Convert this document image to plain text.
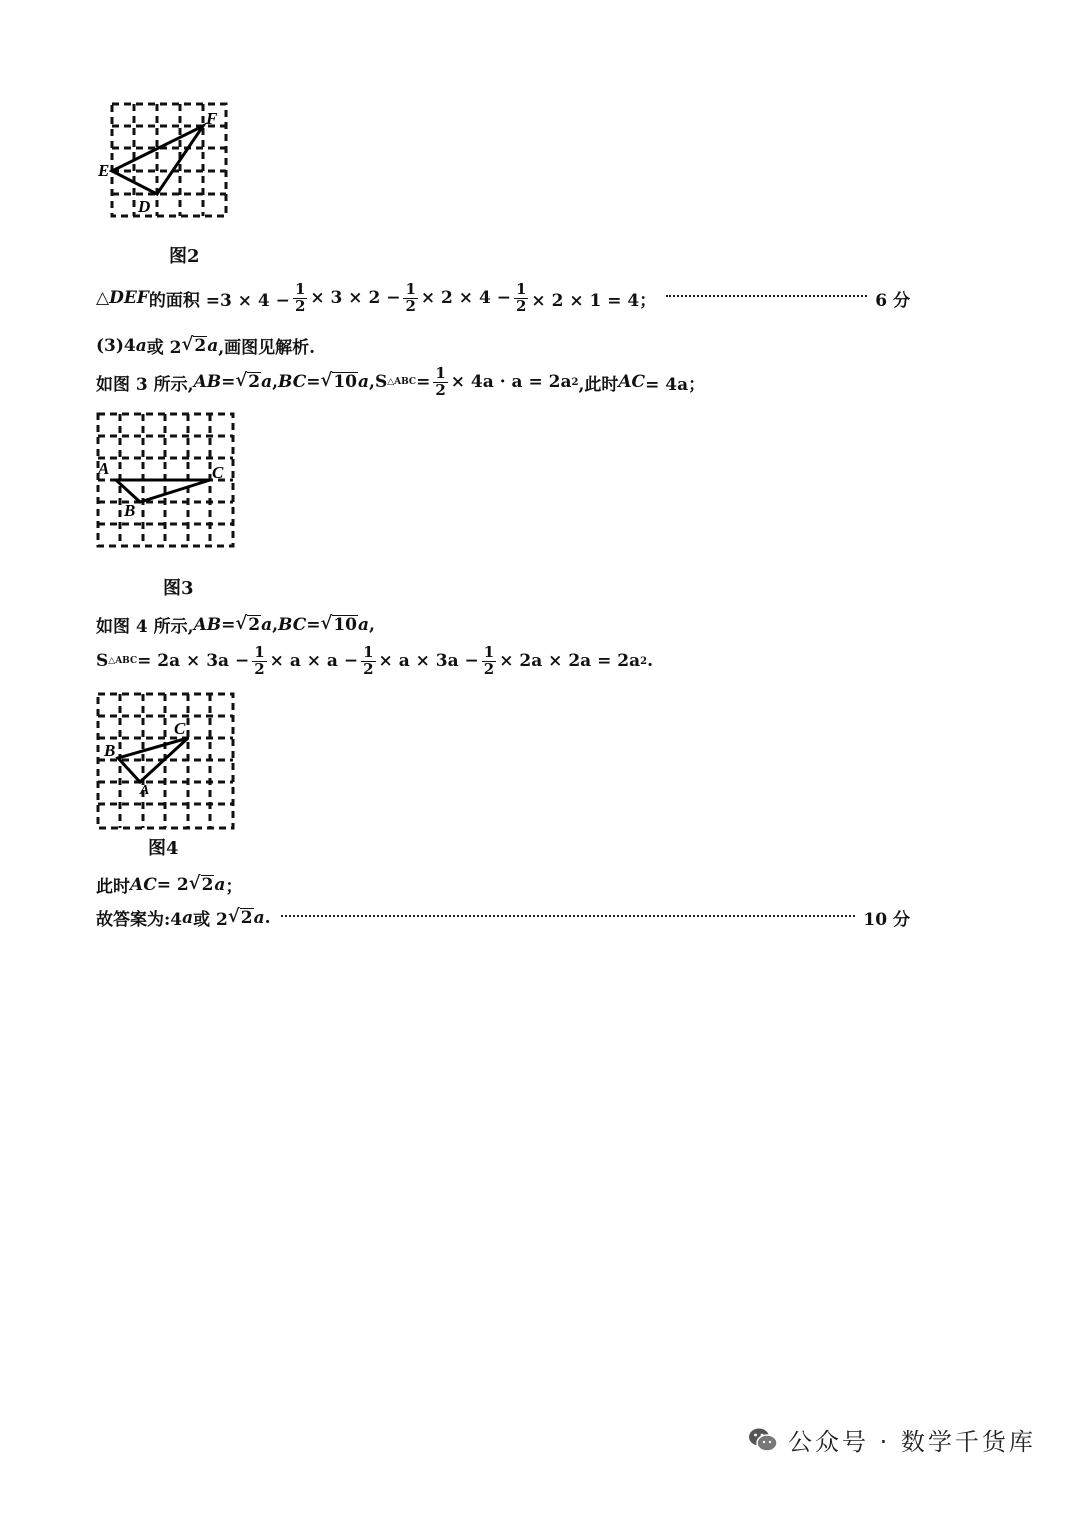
E
D
F
图2
△ DEF 的面积 $=3 \times 4 - \frac{1}{2} \times 3 \times 2 - \frac{1}{2} \times 2 \times 4 - \frac{1}{2} \times 2 \times 1 = 4$；	6 分
(3)4 a 或 2 √ 2 a ,画图见解析.
如图 3 所示, AB = √ 2 a , BC = √ 10 a , S △ABC = $\frac{1}{2} \times 4a \cdot a = 2a$ 2 ,此时 AC = 4a；
A
B
C
图3
如图 4 所示, AB = √ 2 a , BC = √ 10 a ,
S △ABC = $2a \times 3a - \frac{1}{2} \times a \times a - \frac{1}{2} \times a \times 3a - \frac{1}{2} \times 2a \times 2a = 2a$ 2 .
B
C
A
图4
此时 AC = 2 √ 2 a ；
故答案为:4 a 或 2 √ 2 a .	10 分
公众号 · 数学千货库
